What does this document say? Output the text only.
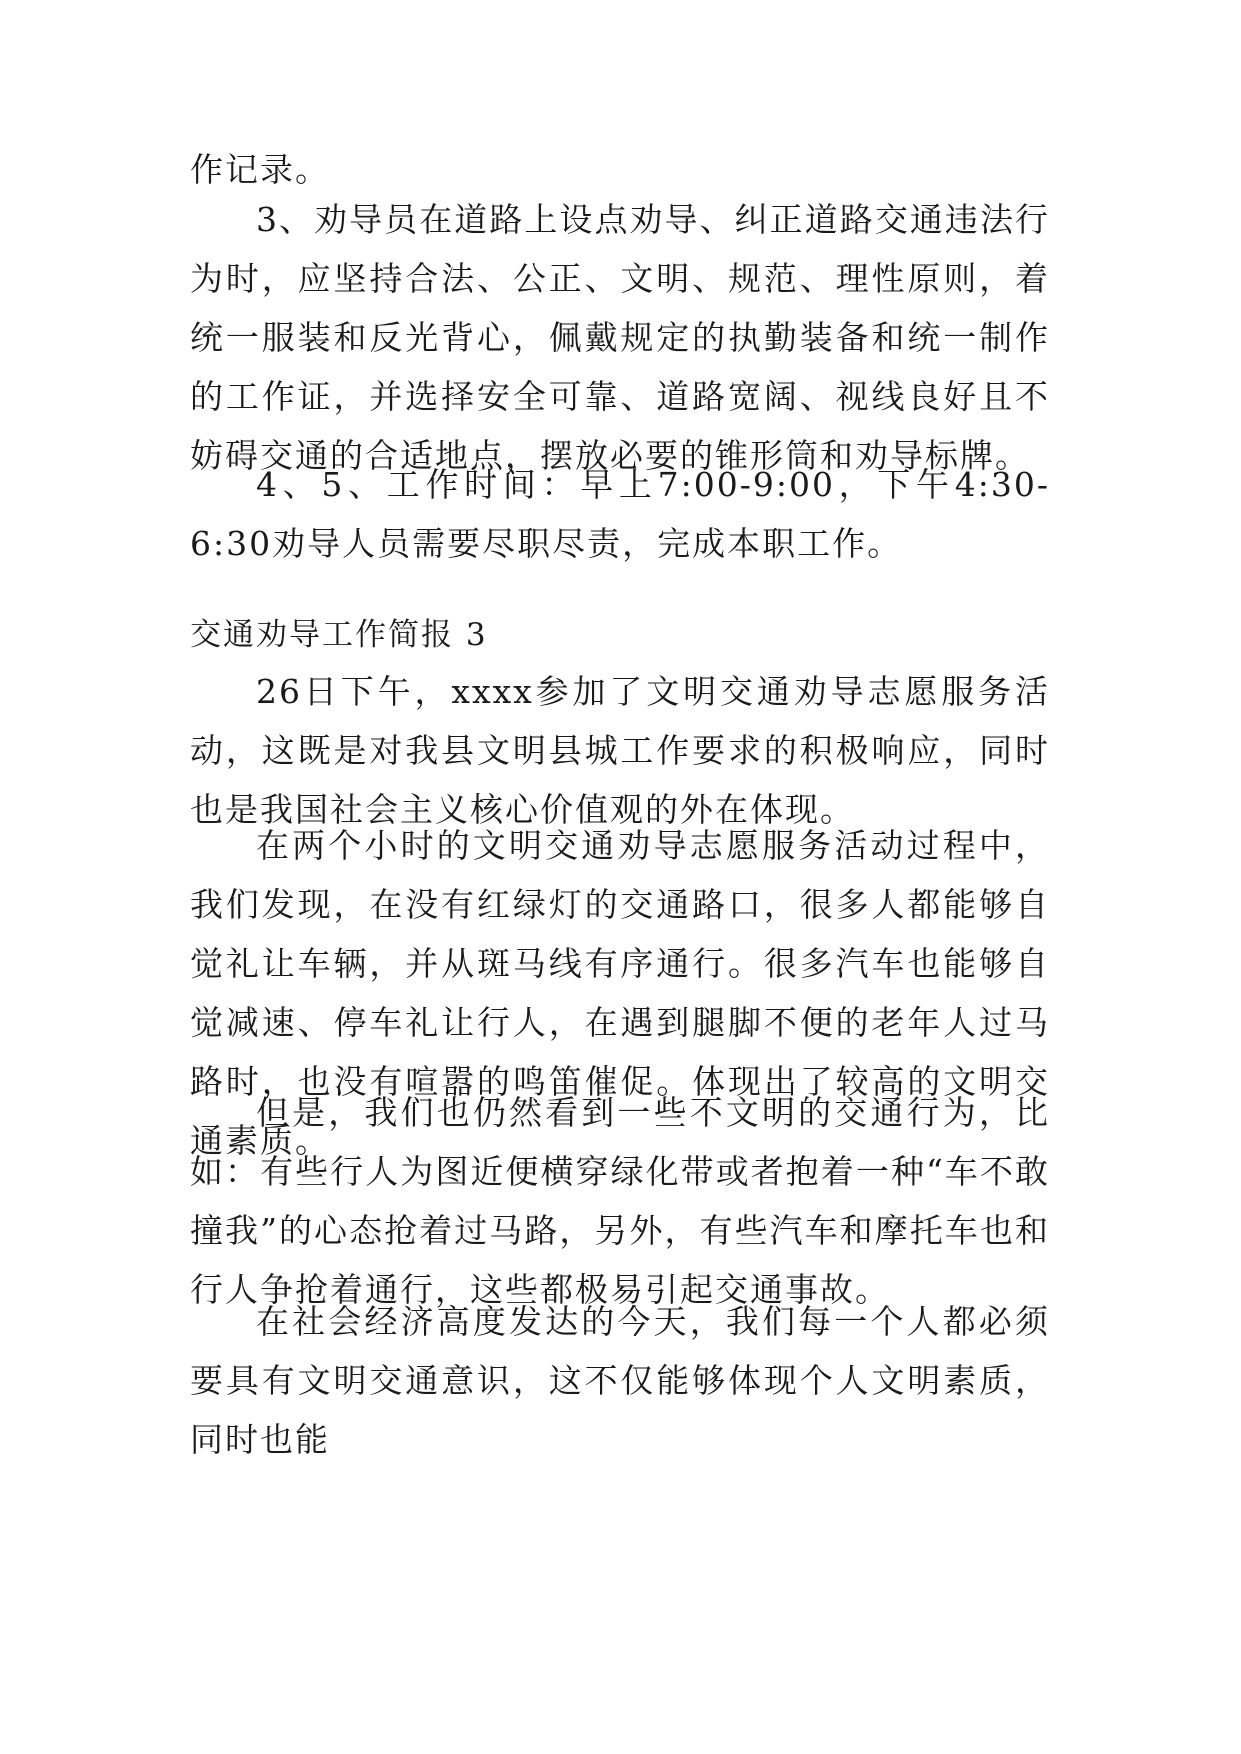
作记录。

3、劝导员在道路上设点劝导、纠正道路交通违法行为时，应坚持合法、公正、文明、规范、理性原则，着统一服装和反光背心，佩戴规定的执勤装备和统一制作的工作证，并选择安全可靠、道路宽阔、视线良好且不妨碍交通的合适地点，摆放必要的锥形筒和劝导标牌。

4、5、工作时间：早上7:00-9:00，下午4:30-6:30劝导人员需要尽职尽责，完成本职工作。

交通劝导工作简报 3

26日下午，xxxx参加了文明交通劝导志愿服务活动，这既是对我县文明县城工作要求的积极响应，同时也是我国社会主义核心价值观的外在体现。

在两个小时的文明交通劝导志愿服务活动过程中，我们发现，在没有红绿灯的交通路口，很多人都能够自觉礼让车辆，并从斑马线有序通行。很多汽车也能够自觉减速、停车礼让行人，在遇到腿脚不便的老年人过马路时，也没有喧嚣的鸣笛催促。体现出了较高的文明交通素质。

但是，我们也仍然看到一些不文明的交通行为，比如：有些行人为图近便横穿绿化带或者抱着一种“车不敢撞我”的心态抢着过马路，另外，有些汽车和摩托车也和行人争抢着通行，这些都极易引起交通事故。

在社会经济高度发达的今天，我们每一个人都必须要具有文明交通意识，这不仅能够体现个人文明素质，同时也能
